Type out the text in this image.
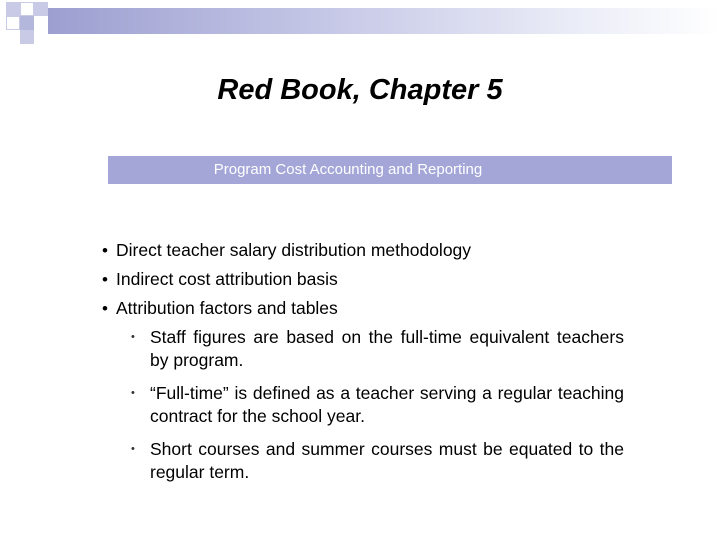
Red Book, Chapter 5
Program Cost Accounting and Reporting
• Direct teacher salary distribution methodology
• Indirect cost attribution basis
• Attribution factors and tables
• Staff figures are based on the full-time equivalent teachers by program.
• “Full-time” is defined as a teacher serving a regular teaching contract for the school year.
• Short courses and summer courses must be equated to the regular term.
